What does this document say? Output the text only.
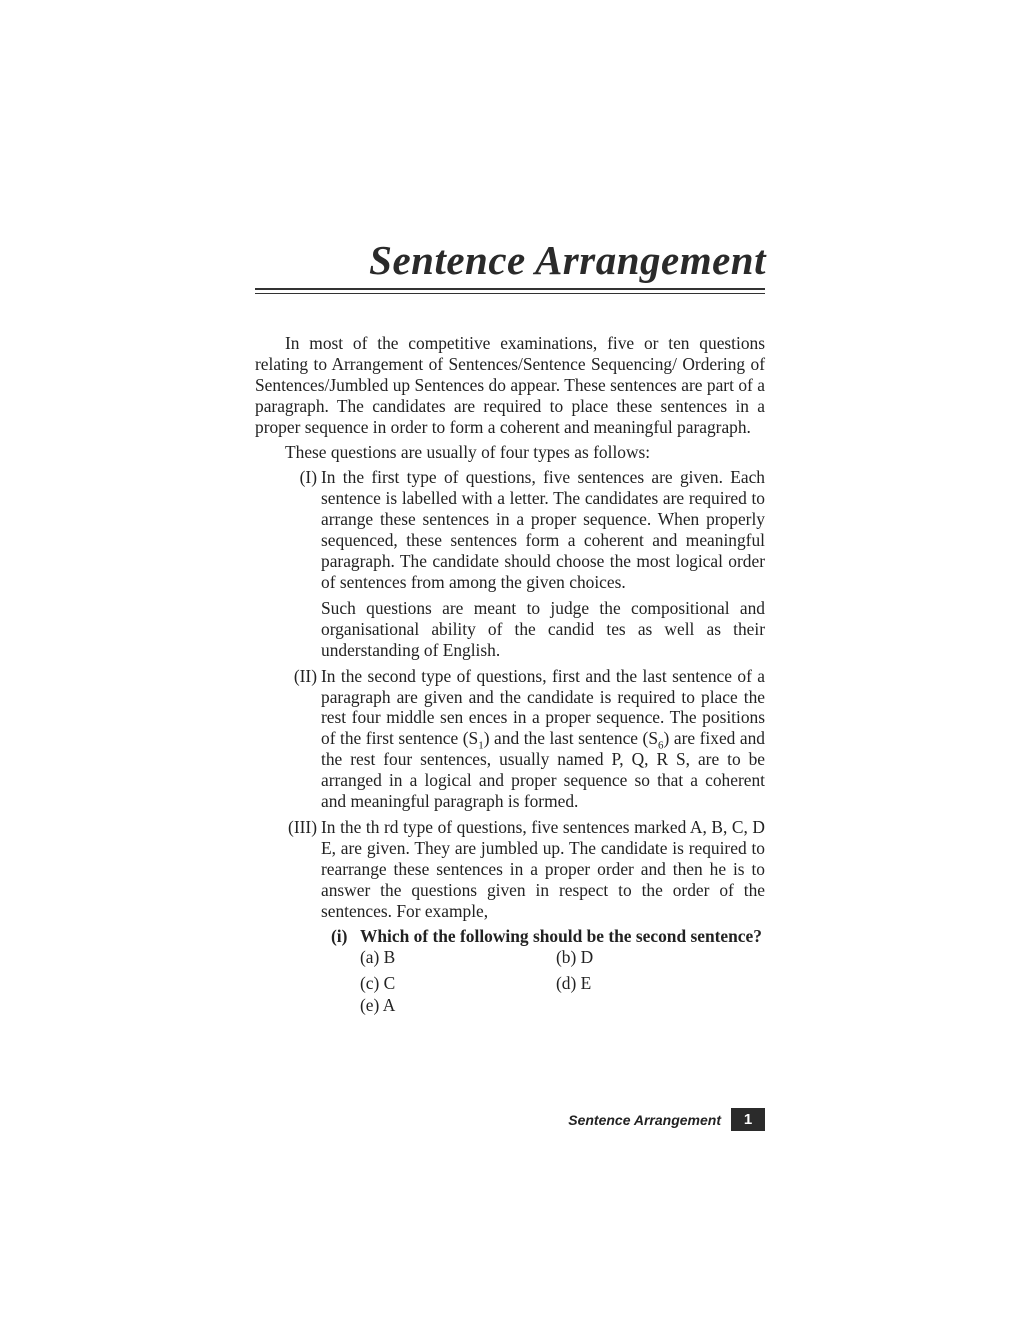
Sentence Arrangement

In most of the competitive examinations, five or ten questions relating to Arrangement of Sentences/Sentence Sequencing/ Ordering of Sentences/Jumbled up Sentences do appear. These sentences are part of a paragraph. The candidates are required to place these sentences in a proper sequence in order to form a coherent and meaningful paragraph.

These questions are usually of four types as follows:

(I) In the first type of questions, five sentences are given. Each sentence is labelled with a letter. The candidates are required to arrange these sentences in a proper sequence. When properly sequenced, these sentences form a coherent and meaningful paragraph. The candidate should choose the most logical order of sentences from among the given choices.

Such questions are meant to judge the compositional and organisational ability of the candid tes as well as their understanding of English.

(II) In the second type of questions, first and the last sentence of a paragraph are given and the candidate is required to place the rest four middle sen ences in a proper sequence. The positions of the first sentence $(S_1)$ and the last sentence $(S_6)$ are fixed and the rest four sentences, usually named P, Q, R S, are to be arranged in a logical and proper sequence so that a coherent and meaningful paragraph is formed.

(III) In the th rd type of questions, five sentences marked A, B, C, D E, are given. They are jumbled up. The candidate is required to rearrange these sentences in a proper order and then he is to answer the questions given in respect to the order of the sentences. For example,

(i) Which of the following should be the second sentence?

(a) B	(b) D
(c) C	(d) E
(e) A
Sentence Arrangement	1
